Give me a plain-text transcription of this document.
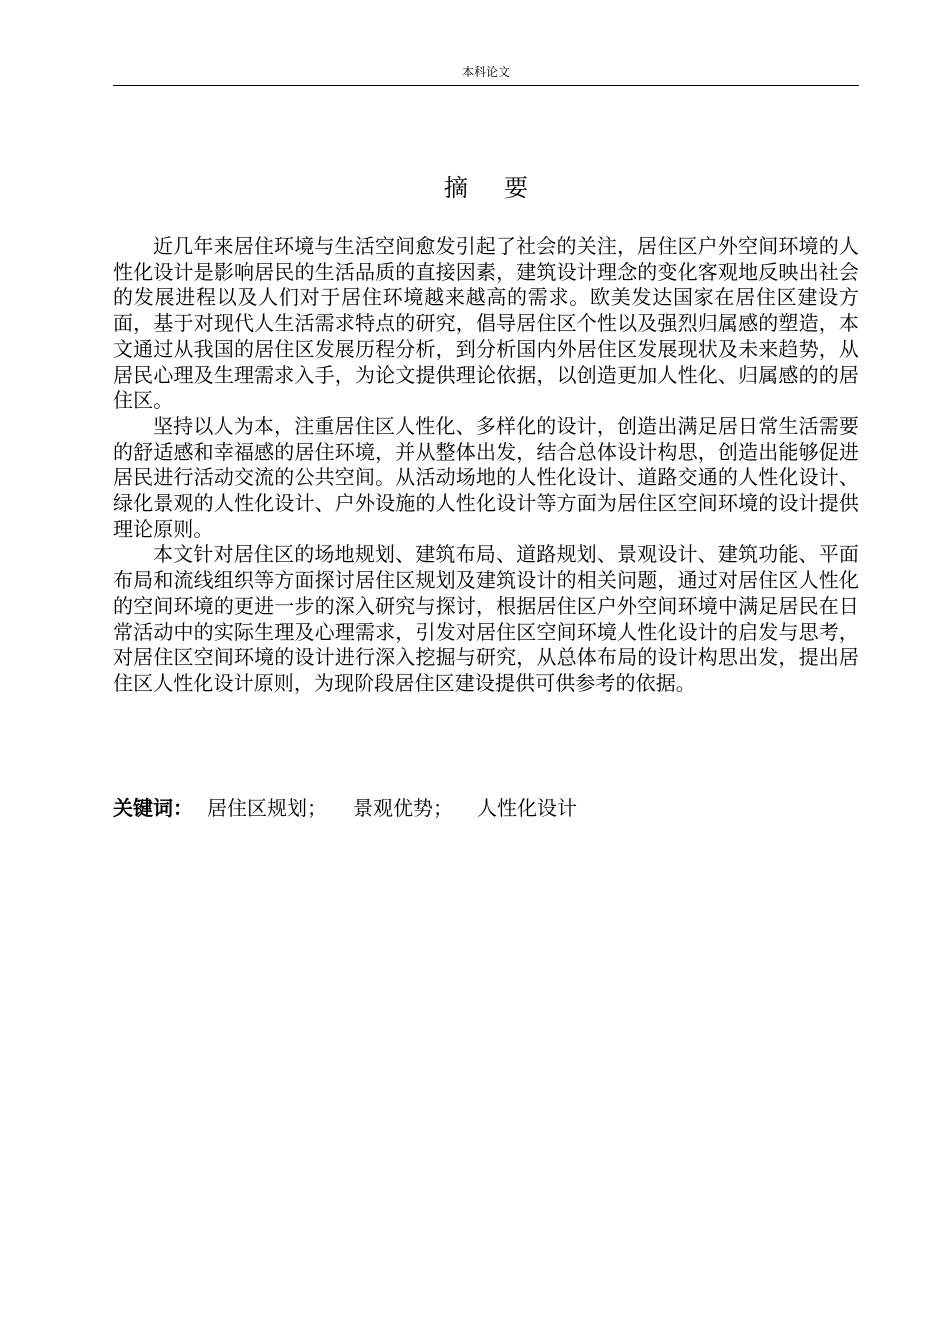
本科论文
摘要

近几年来居住环境与生活空间愈发引起了社会的关注，居住区户外空间环境的人性化设计是影响居民的生活品质的直接因素，建筑设计理念的变化客观地反映出社会的发展进程以及人们对于居住环境越来越高的需求。欧美发达国家在居住区建设方面，基于对现代人生活需求特点的研究，倡导居住区个性以及强烈归属感的塑造，本文通过从我国的居住区发展历程分析，到分析国内外居住区发展现状及未来趋势，从居民心理及生理需求入手，为论文提供理论依据，以创造更加人性化、归属感的的居住区。

坚持以人为本，注重居住区人性化、多样化的设计，创造出满足居日常生活需要的舒适感和幸福感的居住环境，并从整体出发，结合总体设计构思，创造出能够促进居民进行活动交流的公共空间。从活动场地的人性化设计、道路交通的人性化设计、绿化景观的人性化设计、户外设施的人性化设计等方面为居住区空间环境的设计提供理论原则。

本文针对居住区的场地规划、建筑布局、道路规划、景观设计、建筑功能、平面布局和流线组织等方面探讨居住区规划及建筑设计的相关问题，通过对居住区人性化的空间环境的更进一步的深入研究与探讨，根据居住区户外空间环境中满足居民在日常活动中的实际生理及心理需求，引发对居住区空间环境人性化设计的启发与思考，对居住区空间环境的设计进行深入挖掘与研究，从总体布局的设计构思出发，提出居住区人性化设计原则，为现阶段居住区建设提供可供参考的依据。

关键词： 居住区规划； 景观优势； 人性化设计
